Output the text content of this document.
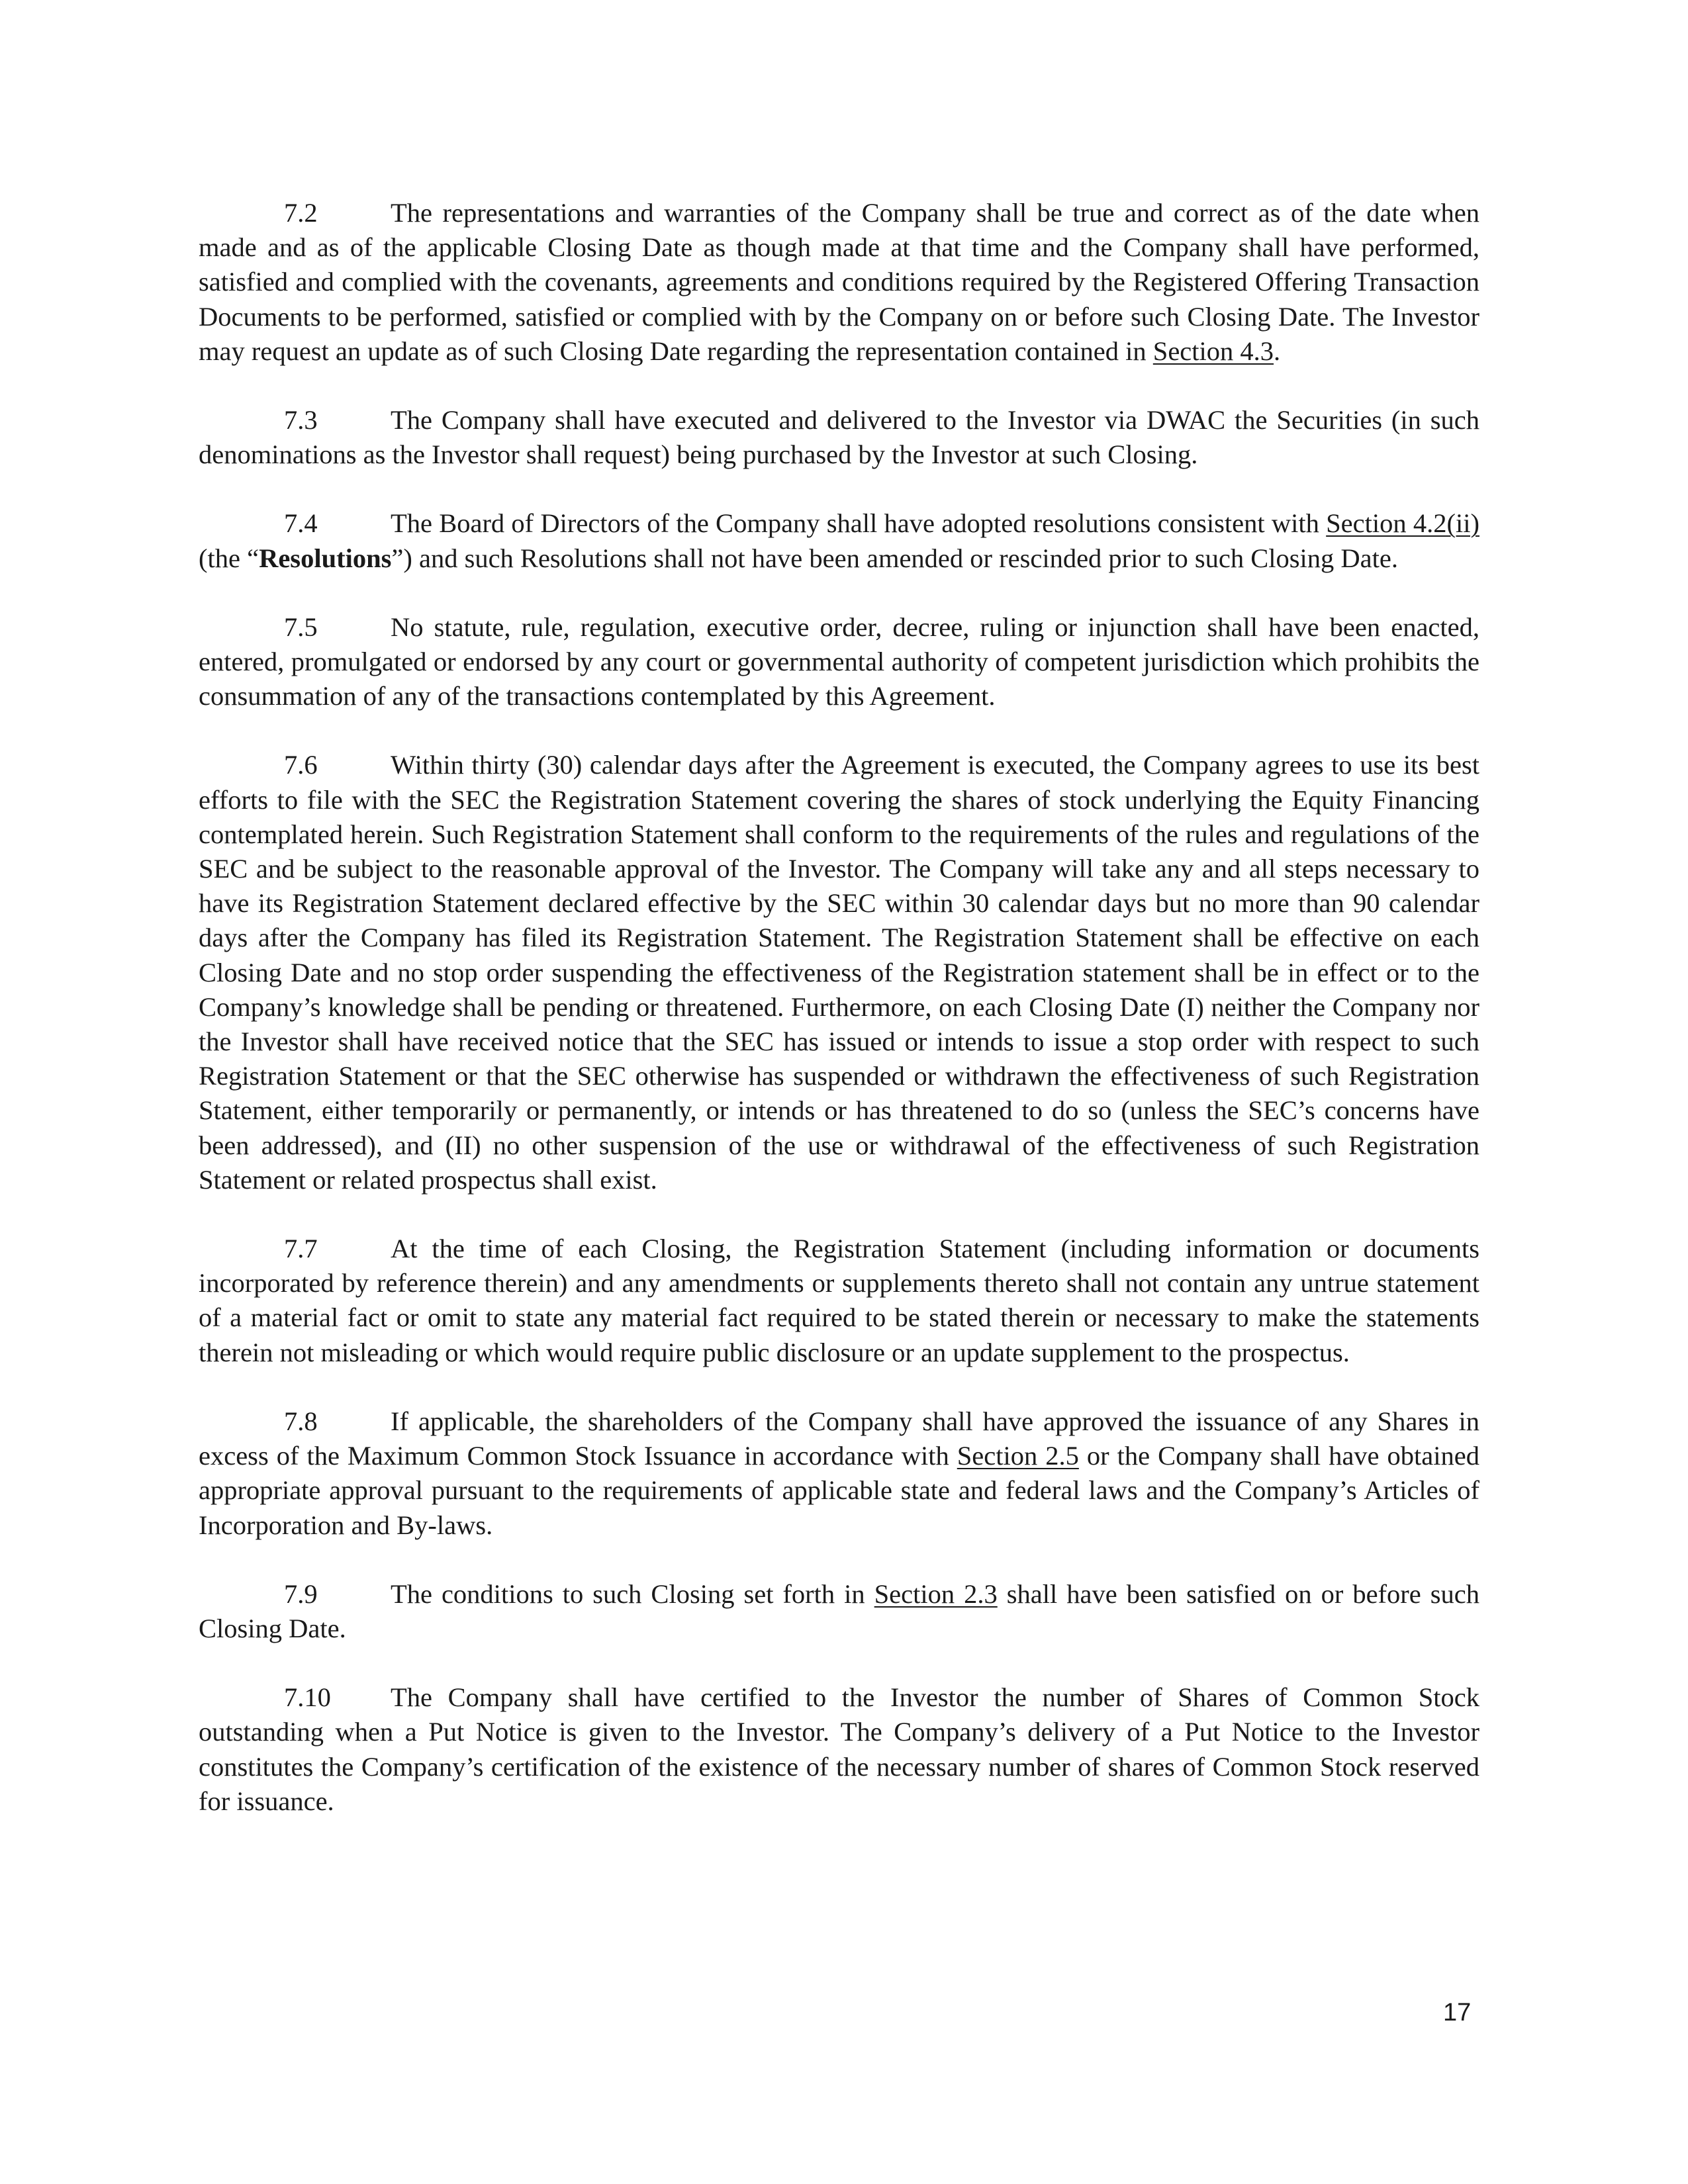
7.2	The representations and warranties of the Company shall be true and correct as of the date when made and as of the applicable Closing Date as though made at that time and the Company shall have performed, satisfied and complied with the covenants, agreements and conditions required by the Registered Offering Transaction Documents to be performed, satisfied or complied with by the Company on or before such Closing Date. The Investor may request an update as of such Closing Date regarding the representation contained in Section 4.3.

7.3	The Company shall have executed and delivered to the Investor via DWAC the Securities (in such denominations as the Investor shall request) being purchased by the Investor at such Closing.

7.4	The Board of Directors of the Company shall have adopted resolutions consistent with Section 4.2(ii) (the “Resolutions”) and such Resolutions shall not have been amended or rescinded prior to such Closing Date.

7.5	No statute, rule, regulation, executive order, decree, ruling or injunction shall have been enacted, entered, promulgated or endorsed by any court or governmental authority of competent jurisdiction which prohibits the consummation of any of the transactions contemplated by this Agreement.

7.6	Within thirty (30) calendar days after the Agreement is executed, the Company agrees to use its best efforts to file with the SEC the Registration Statement covering the shares of stock underlying the Equity Financing contemplated herein. Such Registration Statement shall conform to the requirements of the rules and regulations of the SEC and be subject to the reasonable approval of the Investor. The Company will take any and all steps necessary to have its Registration Statement declared effective by the SEC within 30 calendar days but no more than 90 calendar days after the Company has filed its Registration Statement. The Registration Statement shall be effective on each Closing Date and no stop order suspending the effectiveness of the Registration statement shall be in effect or to the Company’s knowledge shall be pending or threatened. Furthermore, on each Closing Date (I) neither the Company nor the Investor shall have received notice that the SEC has issued or intends to issue a stop order with respect to such Registration Statement or that the SEC otherwise has suspended or withdrawn the effectiveness of such Registration Statement, either temporarily or permanently, or intends or has threatened to do so (unless the SEC’s concerns have been addressed), and (II) no other suspension of the use or withdrawal of the effectiveness of such Registration Statement or related prospectus shall exist.

7.7	At the time of each Closing, the Registration Statement (including information or documents incorporated by reference therein) and any amendments or supplements thereto shall not contain any untrue statement of a material fact or omit to state any material fact required to be stated therein or necessary to make the statements therein not misleading or which would require public disclosure or an update supplement to the prospectus.

7.8	If applicable, the shareholders of the Company shall have approved the issuance of any Shares in excess of the Maximum Common Stock Issuance in accordance with Section 2.5 or the Company shall have obtained appropriate approval pursuant to the requirements of applicable state and federal laws and the Company’s Articles of Incorporation and By-laws.

7.9	The conditions to such Closing set forth in Section 2.3 shall have been satisfied on or before such Closing Date.

7.10 The Company shall have certified to the Investor the number of Shares of Common Stock outstanding when a Put Notice is given to the Investor. The Company’s delivery of a Put Notice to the Investor constitutes the Company’s certification of the existence of the necessary number of shares of Common Stock reserved for issuance.

17
